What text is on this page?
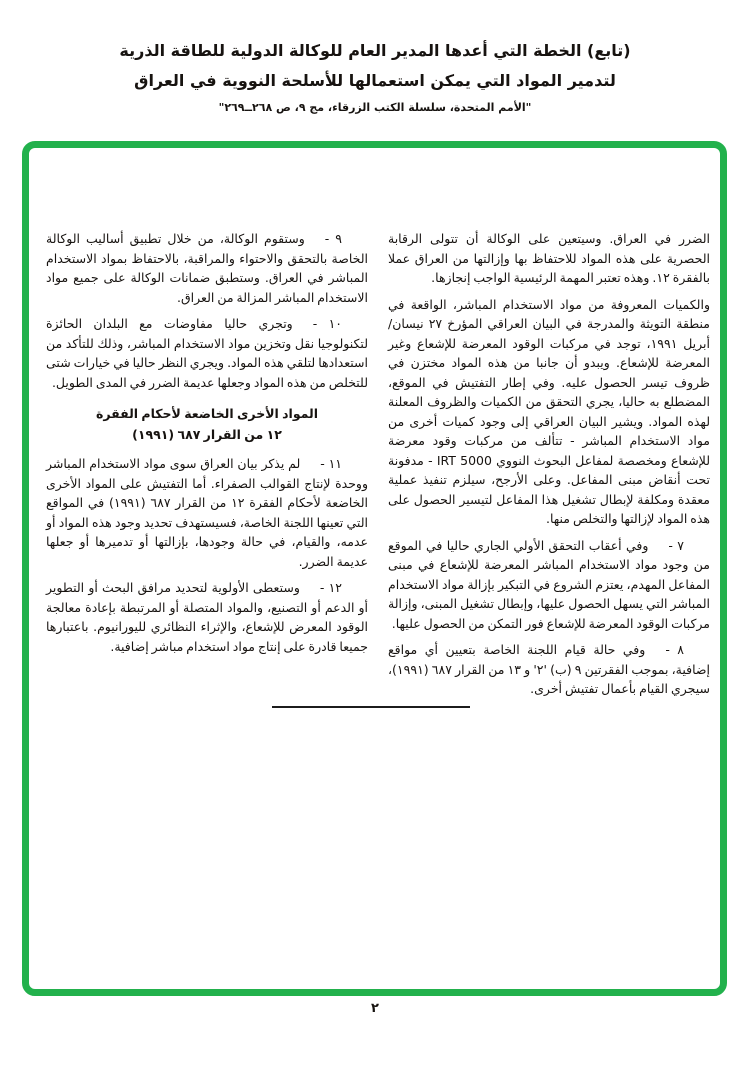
(تابع) الخطة التي أعدها المدير العام للوكالة الدولية للطاقة الذرية
لتدمير المواد التي يمكن استعمالها للأسلحة النووية في العراق
"الأمم المتحدة، سلسلة الكتب الزرقاء، مج ٩، ص ٢٦٨ــ٢٦٩"

الضرر في العراق. وسيتعين على الوكالة أن تتولى الرقابة الحصرية على هذه المواد للاحتفاظ بها وإزالتها من العراق عملا بالفقرة ١٢. وهذه تعتبر المهمة الرئيسية الواجب إنجازها.

والكميات المعروفة من مواد الاستخدام المباشر، الواقعة في منطقة التويثة والمدرجة في البيان العراقي المؤرخ ٢٧ نيسان/أبريل ١٩٩١، توجد في مركبات الوقود المعرضة للإشعاع وغير المعرضة للإشعاع. ويبدو أن جانبا من هذه المواد مختزن في ظروف تيسر الحصول عليه. وفي إطار التفتيش في الموقع، المضطلع به حاليا، يجري التحقق من الكميات والظروف المعلنة لهذه المواد. ويشير البيان العراقي إلى وجود كميات أخرى من مواد الاستخدام المباشر - تتألف من مركبات وقود معرضة للإشعاع ومخصصة لمفاعل البحوث النووي IRT 5000 - مدفونة تحت أنقاض مبنى المفاعل. وعلى الأرجح، سيلزم تنفيذ عملية معقدة ومكلفة لإبطال تشغيل هذا المفاعل لتيسير الحصول على هذه المواد لإزالتها والتخلص منها.

٧ -وفي أعقاب التحقق الأولي الجاري حاليا في الموقع من وجود مواد الاستخدام المباشر المعرضة للإشعاع في مبنى المفاعل المهدم، يعتزم الشروع في التبكير بإزالة مواد الاستخدام المباشر التي يسهل الحصول عليها، وإبطال تشغيل المبنى، وإزالة مركبات الوقود المعرضة للإشعاع فور التمكن من الحصول عليها.

٨ -وفي حالة قيام اللجنة الخاصة بتعيين أي مواقع إضافية، بموجب الفقرتين ٩ (ب) '٢' و ١٣ من القرار ٦٨٧ (١٩٩١)، سيجري القيام بأعمال تفتيش أخرى.

٩ -وستقوم الوكالة، من خلال تطبيق أساليب الوكالة الخاصة بالتحقق والاحتواء والمراقبة، بالاحتفاظ بمواد الاستخدام المباشر في العراق. وستطبق ضمانات الوكالة على جميع مواد الاستخدام المباشر المزالة من العراق.

١٠ -وتجري حاليا مفاوضات مع البلدان الحائزة لتكنولوجيا نقل وتخزين مواد الاستخدام المباشر، وذلك للتأكد من استعدادها لتلقي هذه المواد. ويجري النظر حاليا في خيارات شتى للتخلص من هذه المواد وجعلها عديمة الضرر في المدى الطويل.

المواد الأخرى الخاضعة لأحكام الفقرة
١٢ من القرار ٦٨٧ (١٩٩١)

١١ -لم يذكر بيان العراق سوى مواد الاستخدام المباشر ووحدة لإنتاج القوالب الصفراء. أما التفتيش على المواد الأخرى الخاضعة لأحكام الفقرة ١٢ من القرار ٦٨٧ (١٩٩١) في المواقع التي تعينها اللجنة الخاصة، فسيستهدف تحديد وجود هذه المواد أو عدمه، والقيام، في حالة وجودها، بإزالتها أو تدميرها أو جعلها عديمة الضرر.

١٢ -وستعطى الأولوية لتحديد مرافق البحث أو التطوير أو الدعم أو التصنيع، والمواد المتصلة أو المرتبطة بإعادة معالجة الوقود المعرض للإشعاع، والإثراء النظائري لليورانيوم. باعتبارها جميعا قادرة على إنتاج مواد استخدام مباشر إضافية.

٢
